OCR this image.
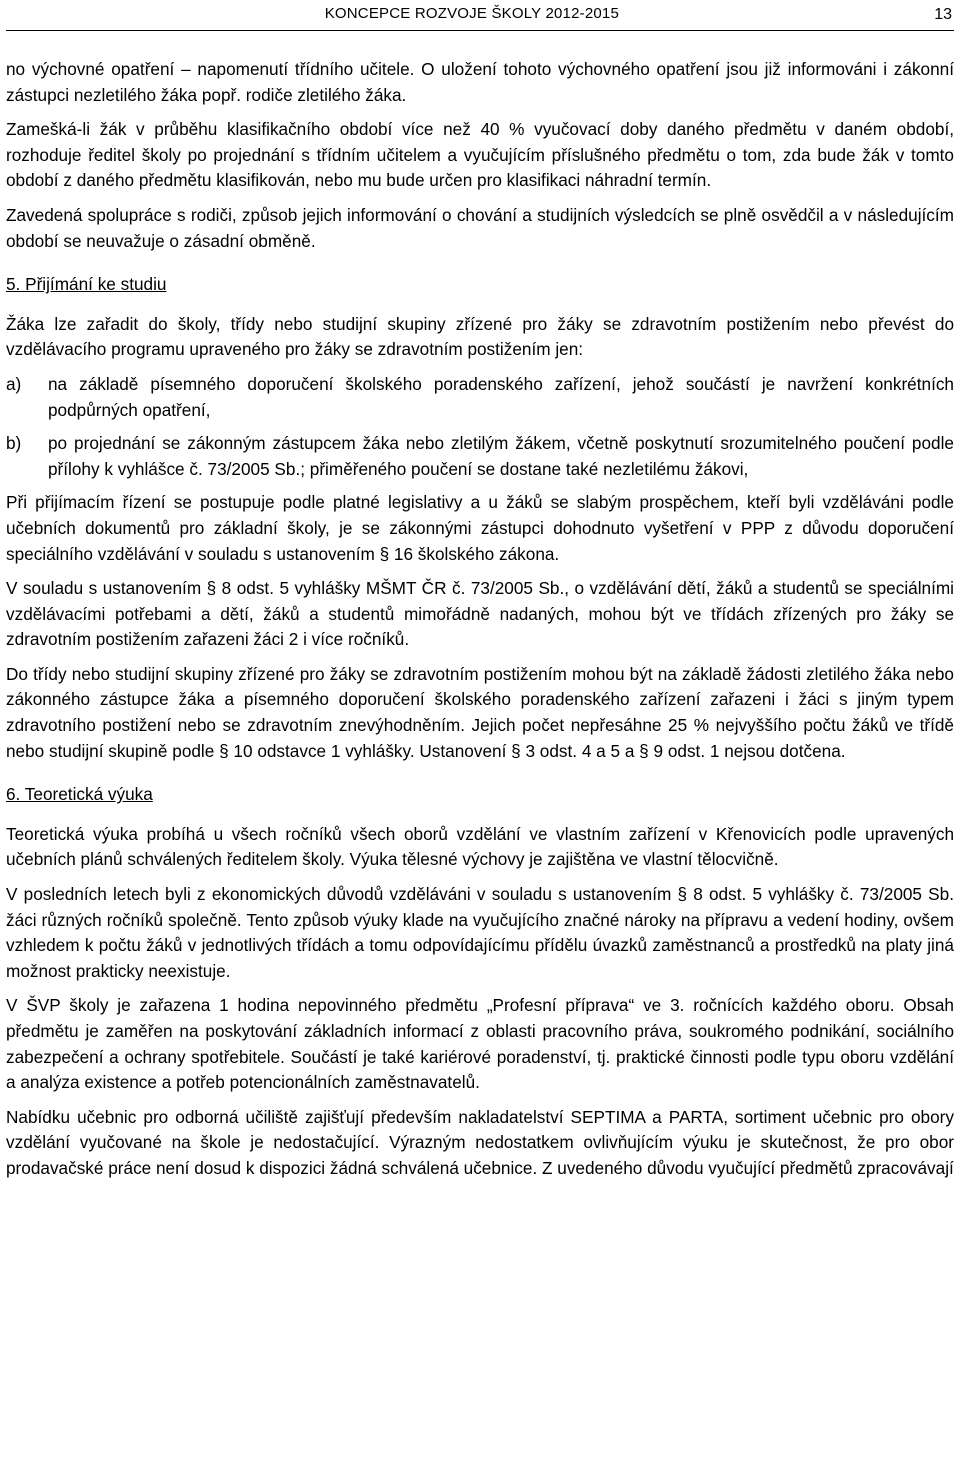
KONCEPCE ROZVOJE ŠKOLY 2012-2015	13

no výchovné opatření – napomenutí třídního učitele. O uložení tohoto výchovného opatření jsou již informováni i zákonní zástupci nezletilého žáka popř. rodiče zletilého žáka.

Zamešká-li žák v průběhu klasifikačního období více než 40 % vyučovací doby daného předmětu v daném období, rozhoduje ředitel školy po projednání s třídním učitelem a vyučujícím příslušného předmětu o tom, zda bude žák v tomto období z daného předmětu klasifikován, nebo mu bude určen pro klasifikaci náhradní termín.

Zavedená spolupráce s rodiči, způsob jejich informování o chování a studijních výsledcích se plně osvědčil a v následujícím období se neuvažuje o zásadní obměně.

5. Přijímání ke studiu

Žáka lze zařadit do školy, třídy nebo studijní skupiny zřízené pro žáky se zdravotním postižením nebo převést do vzdělávacího programu upraveného pro žáky se zdravotním postižením jen:

a)	na základě písemného doporučení školského poradenského zařízení, jehož součástí je navržení konkrétních podpůrných opatření,
b)	po projednání se zákonným zástupcem žáka nebo zletilým žákem, včetně poskytnutí srozumitelného poučení podle přílohy k vyhlášce č. 73/2005 Sb.; přiměřeného poučení se dostane také nezletilému žákovi,

Při přijímacím řízení se postupuje podle platné legislativy a u žáků se slabým prospěchem, kteří byli vzděláváni podle učebních dokumentů pro základní školy, je se zákonnými zástupci dohodnuto vyšetření v PPP z důvodu doporučení speciálního vzdělávání v souladu s ustanovením § 16 školského zákona.

V souladu s ustanovením § 8 odst. 5 vyhlášky MŠMT ČR č. 73/2005 Sb., o vzdělávání dětí, žáků a studentů se speciálními vzdělávacími potřebami a dětí, žáků a studentů mimořádně nadaných, mohou být ve třídách zřízených pro žáky se zdravotním postižením zařazeni žáci 2 i více ročníků.

Do třídy nebo studijní skupiny zřízené pro žáky se zdravotním postižením mohou být na základě žádosti zletilého žáka nebo zákonného zástupce žáka a písemného doporučení školského poradenského zařízení zařazeni i žáci s jiným typem zdravotního postižení nebo se zdravotním znevýhodněním. Jejich počet nepřesáhne 25 % nejvyššího počtu žáků ve třídě nebo studijní skupině podle § 10 odstavce 1 vyhlášky. Ustanovení § 3 odst. 4 a 5 a § 9 odst. 1 nejsou dotčena.

6. Teoretická výuka

Teoretická výuka probíhá u všech ročníků všech oborů vzdělání ve vlastním zařízení v Křenovicích podle upravených učebních plánů schválených ředitelem školy. Výuka tělesné výchovy je zajištěna ve vlastní tělocvičně.

V posledních letech byli z ekonomických důvodů vzděláváni v souladu s ustanovením § 8 odst. 5 vyhlášky č. 73/2005 Sb. žáci různých ročníků společně. Tento způsob výuky klade na vyučujícího značné nároky na přípravu a vedení hodiny, ovšem vzhledem k počtu žáků v jednotlivých třídách a tomu odpovídajícímu přídělu úvazků zaměstnanců a prostředků na platy jiná možnost prakticky neexistuje.

V ŠVP školy je zařazena 1 hodina nepovinného předmětu „Profesní příprava“ ve 3. ročnících každého oboru. Obsah předmětu je zaměřen na poskytování základních informací z oblasti pracovního práva, soukromého podnikání, sociálního zabezpečení a ochrany spotřebitele. Součástí je také kariérové poradenství, tj. praktické činnosti podle typu oboru vzdělání a analýza existence a potřeb potencionálních zaměstnavatelů.

Nabídku učebnic pro odborná učiliště zajišťují především nakladatelství SEPTIMA a PARTA, sortiment učebnic pro obory vzdělání vyučované na škole je nedostačující. Výrazným nedostatkem ovlivňujícím výuku je skutečnost, že pro obor prodavačské práce není dosud k dispozici žádná schválená učebnice. Z uvedeného důvodu vyučující předmětů zpracovávají
